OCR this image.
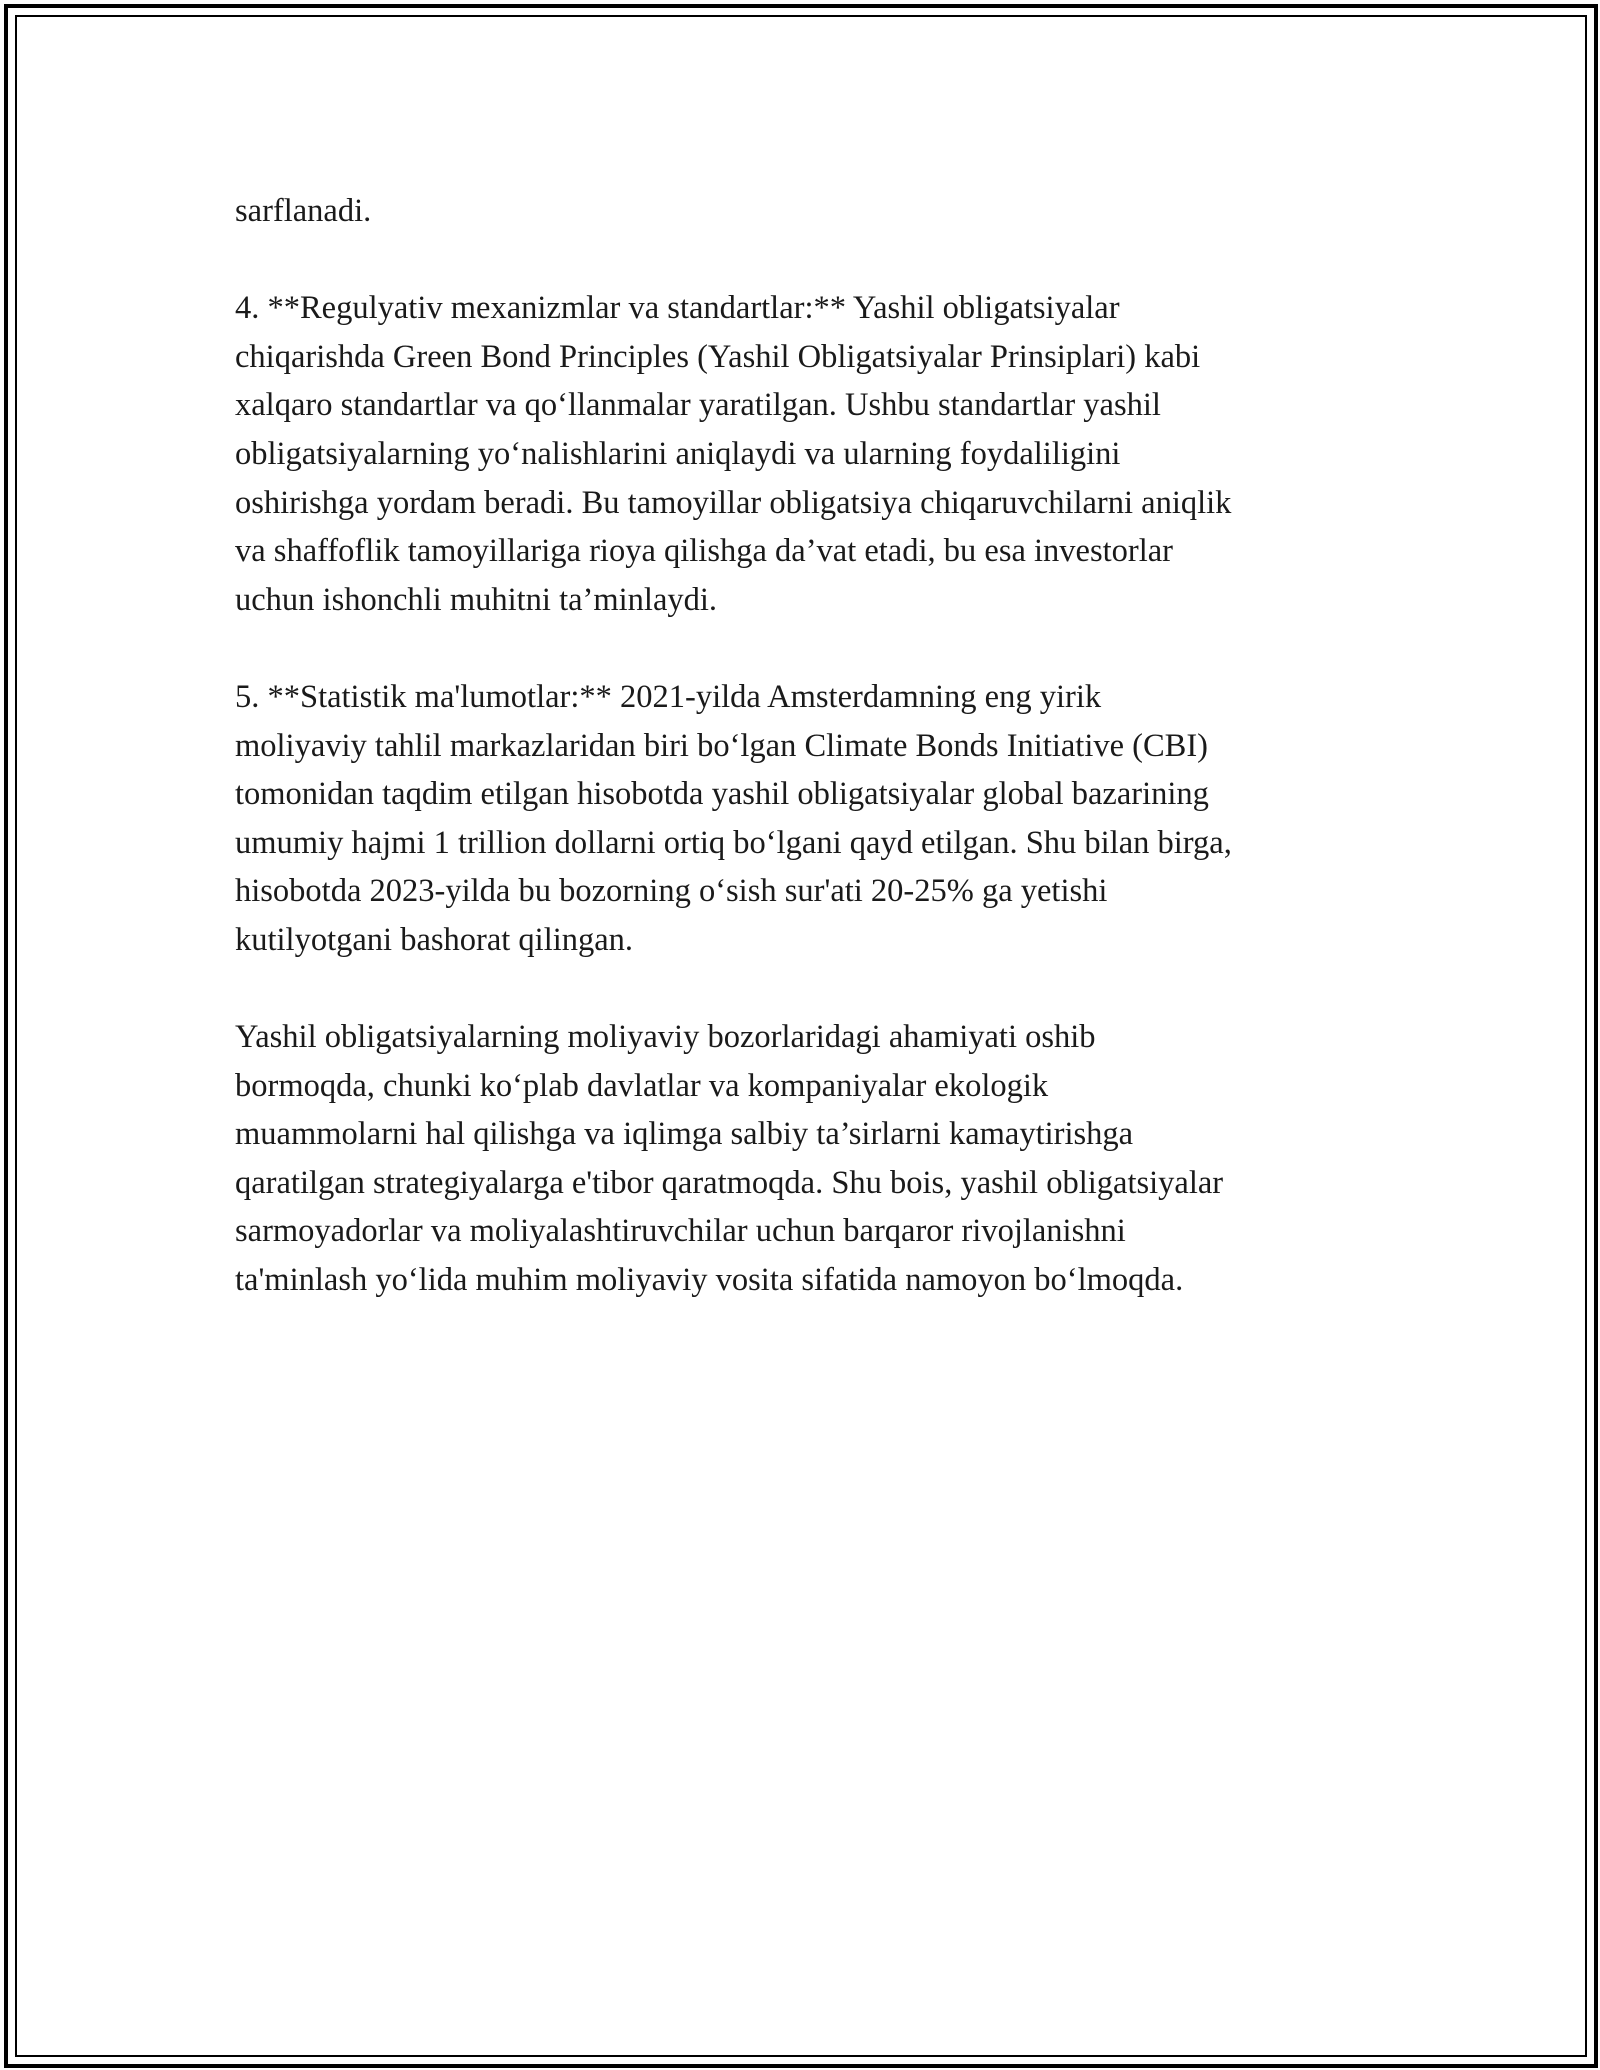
sarflanadi.

4. **Regulyativ mexanizmlar va standartlar:** Yashil obligatsiyalar
chiqarishda Green Bond Principles (Yashil Obligatsiyalar Prinsiplari) kabi
xalqaro standartlar va qo‘llanmalar yaratilgan. Ushbu standartlar yashil
obligatsiyalarning yo‘nalishlarini aniqlaydi va ularning foydaliligini
oshirishga yordam beradi. Bu tamoyillar obligatsiya chiqaruvchilarni aniqlik
va shaffoflik tamoyillariga rioya qilishga da’vat etadi, bu esa investorlar
uchun ishonchli muhitni ta’minlaydi.

5. **Statistik ma'lumotlar:** 2021-yilda Amsterdamning eng yirik
moliyaviy tahlil markazlaridan biri bo‘lgan Climate Bonds Initiative (CBI)
tomonidan taqdim etilgan hisobotda yashil obligatsiyalar global bazarining
umumiy hajmi 1 trillion dollarni ortiq bo‘lgani qayd etilgan. Shu bilan birga,
hisobotda 2023-yilda bu bozorning o‘sish sur'ati 20-25% ga yetishi
kutilyotgani bashorat qilingan.

Yashil obligatsiyalarning moliyaviy bozorlaridagi ahamiyati oshib
bormoqda, chunki ko‘plab davlatlar va kompaniyalar ekologik
muammolarni hal qilishga va iqlimga salbiy ta’sirlarni kamaytirishga
qaratilgan strategiyalarga e'tibor qaratmoqda. Shu bois, yashil obligatsiyalar
sarmoyadorlar va moliyalashtiruvchilar uchun barqaror rivojlanishni
ta'minlash yo‘lida muhim moliyaviy vosita sifatida namoyon bo‘lmoqda.
